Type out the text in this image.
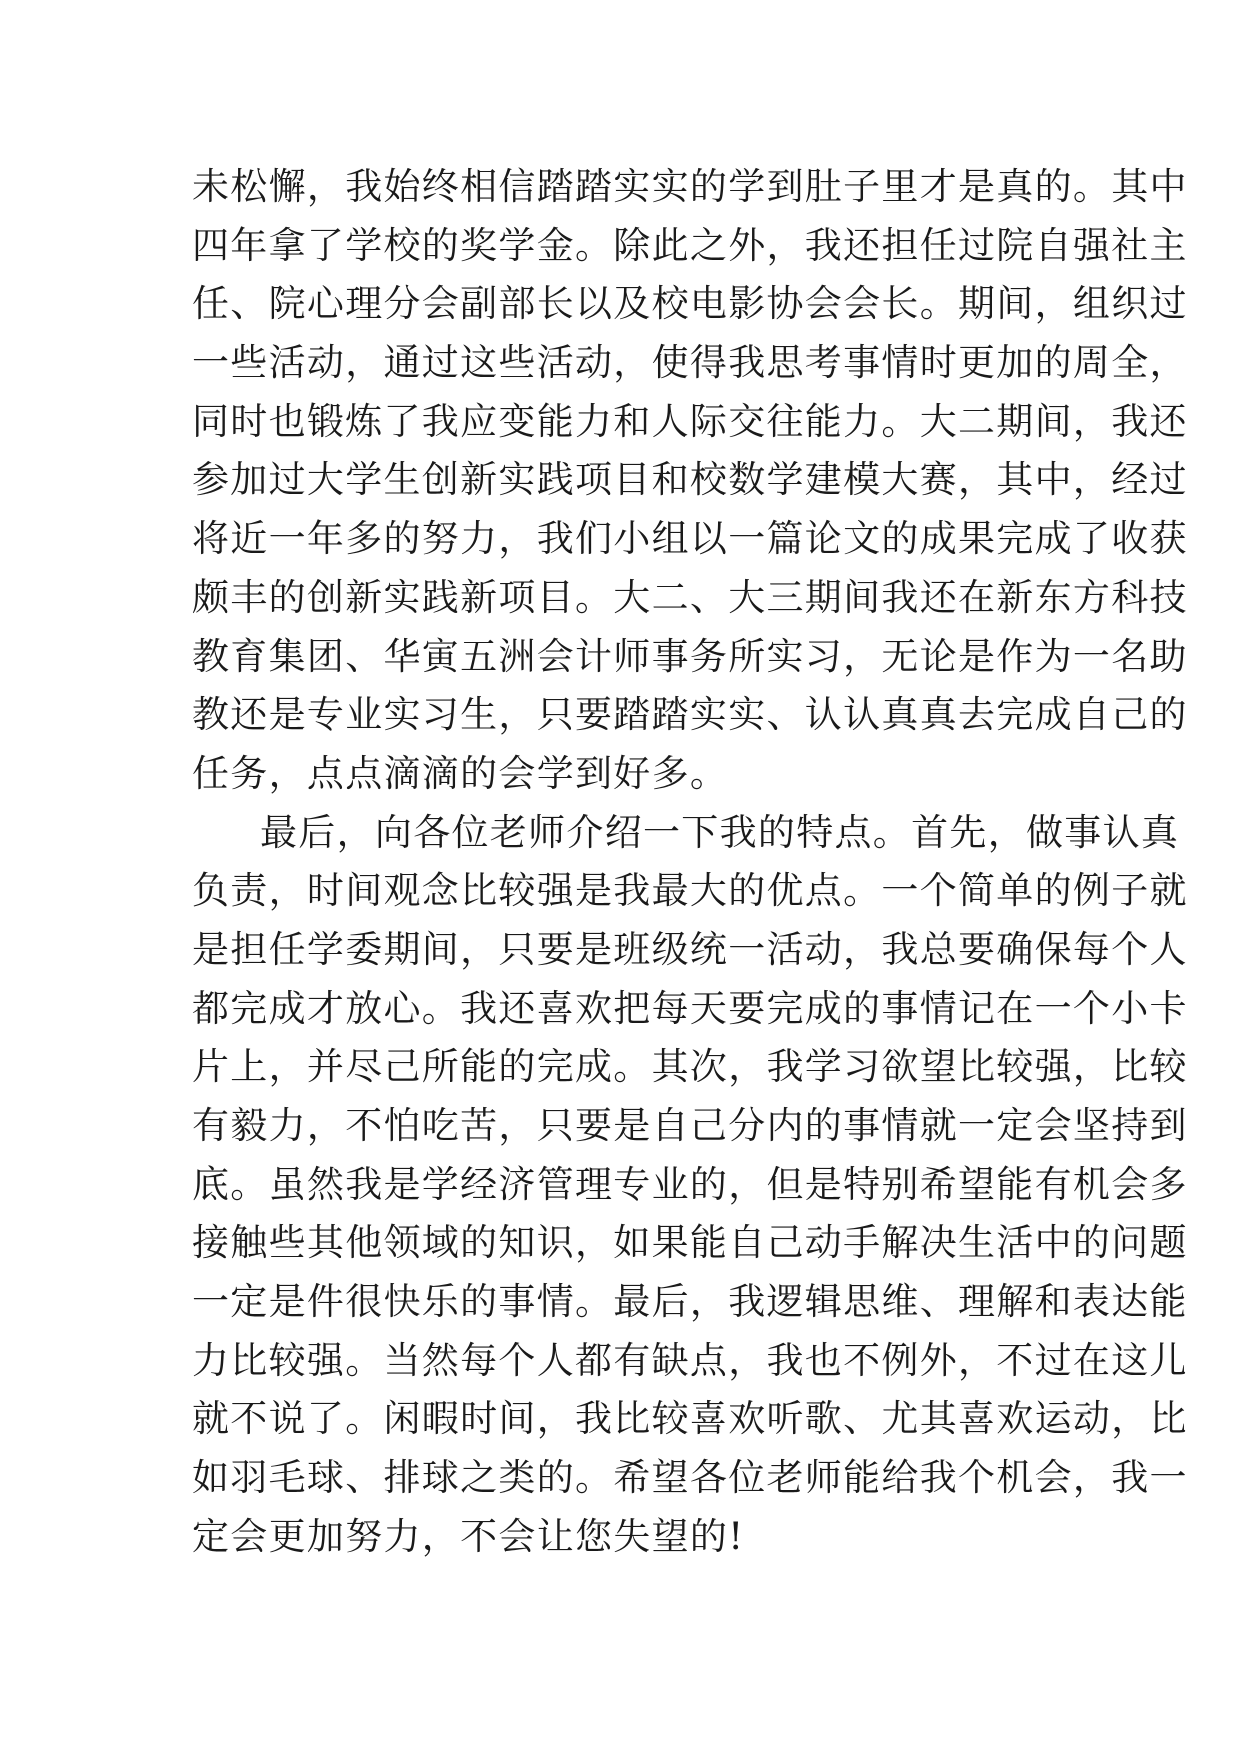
未松懈，我始终相信踏踏实实的学到肚子里才是真的。其中
四年拿了学校的奖学金。除此之外，我还担任过院自强社主
任、院心理分会副部长以及校电影协会会长。期间，组织过
一些活动，通过这些活动，使得我思考事情时更加的周全，
同时也锻炼了我应变能力和人际交往能力。大二期间，我还
参加过大学生创新实践项目和校数学建模大赛，其中，经过
将近一年多的努力，我们小组以一篇论文的成果完成了收获
颇丰的创新实践新项目。大二、大三期间我还在新东方科技
教育集团、华寅五洲会计师事务所实习，无论是作为一名助
教还是专业实习生，只要踏踏实实、认认真真去完成自己的
任务，点点滴滴的会学到好多。
最后，向各位老师介绍一下我的特点。首先，做事认真
负责，时间观念比较强是我最大的优点。一个简单的例子就
是担任学委期间，只要是班级统一活动，我总要确保每个人
都完成才放心。我还喜欢把每天要完成的事情记在一个小卡
片上，并尽己所能的完成。其次，我学习欲望比较强，比较
有毅力，不怕吃苦，只要是自己分内的事情就一定会坚持到
底。虽然我是学经济管理专业的，但是特别希望能有机会多
接触些其他领域的知识，如果能自己动手解决生活中的问题
一定是件很快乐的事情。最后，我逻辑思维、理解和表达能
力比较强。当然每个人都有缺点，我也不例外，不过在这儿
就不说了。闲暇时间，我比较喜欢听歌、尤其喜欢运动，比
如羽毛球、排球之类的。希望各位老师能给我个机会，我一
定会更加努力，不会让您失望的!
